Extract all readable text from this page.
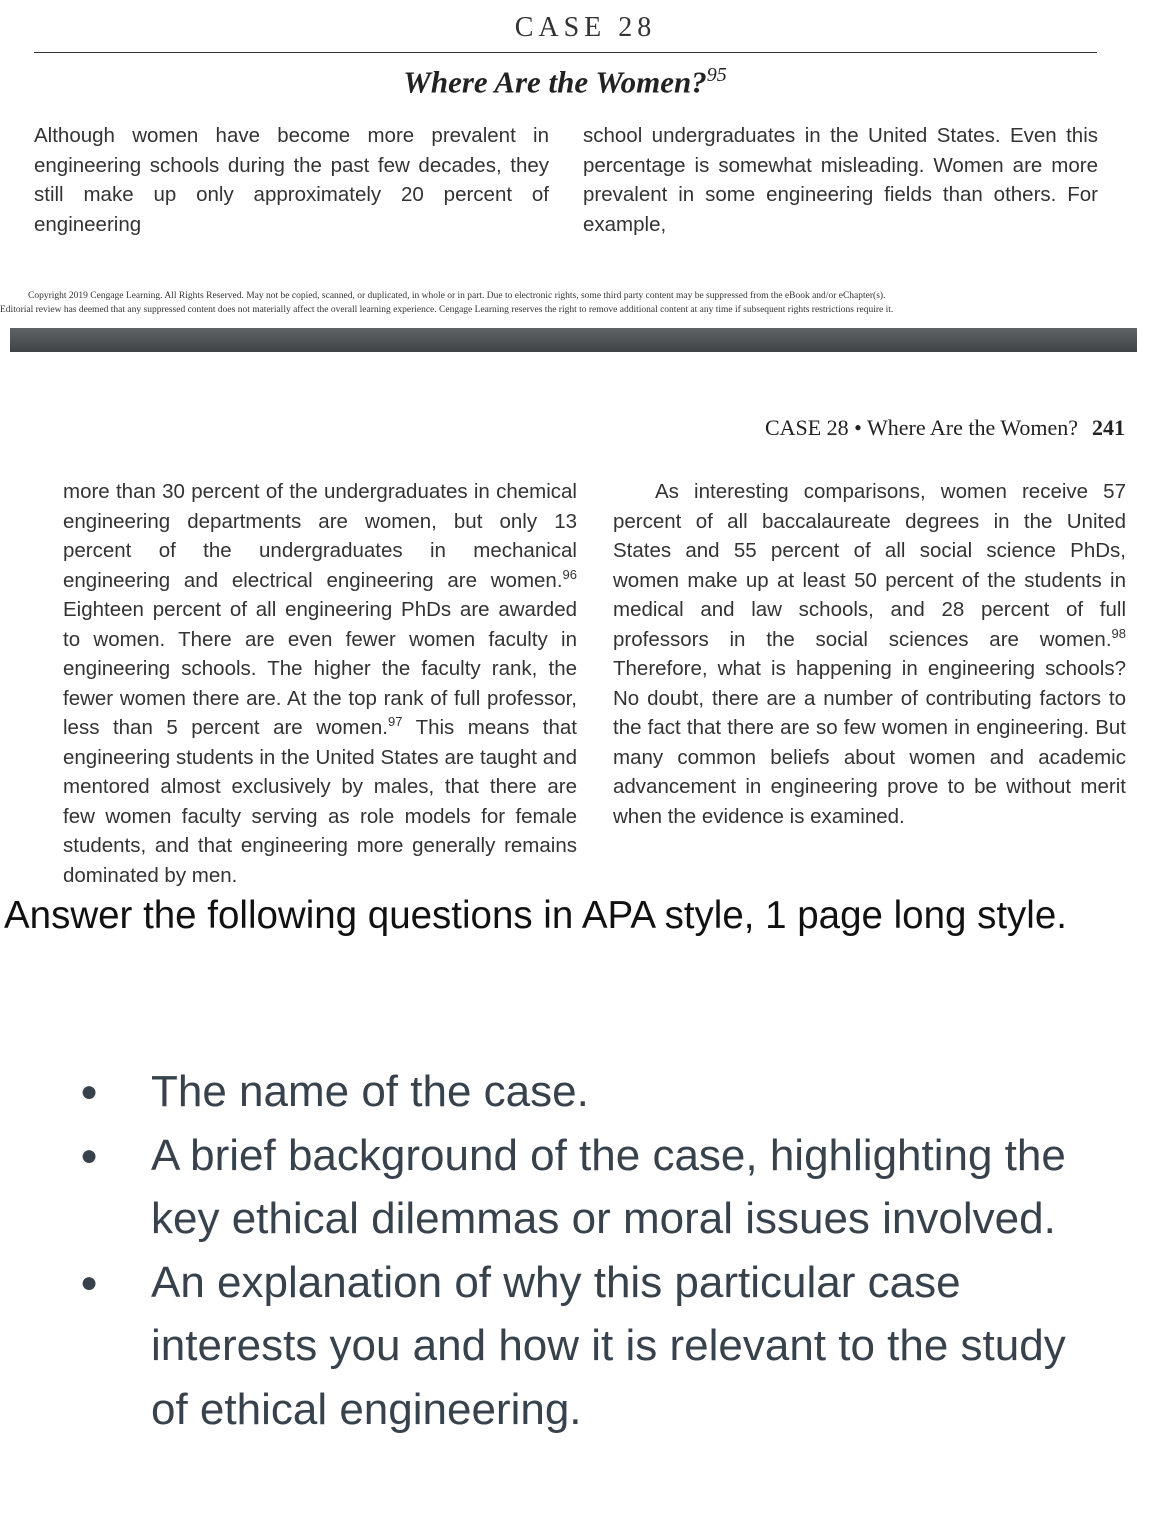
CASE 28
Where Are the Women?$^{95}$
Although women have become more prevalent in engineering schools during the past few decades, they still make up only approximately 20 percent of engineering
school undergraduates in the United States. Even this percentage is somewhat misleading. Women are more prevalent in some engineering fields than others. For example,
Copyright 2019 Cengage Learning. All Rights Reserved. May not be copied, scanned, or duplicated, in whole or in part. Due to electronic rights, some third party content may be suppressed from the eBook and/or eChapter(s).
Editorial review has deemed that any suppressed content does not materially affect the overall learning experience. Cengage Learning reserves the right to remove additional content at any time if subsequent rights restrictions require it.
CASE 28 • Where Are the Women? 241
more than 30 percent of the undergraduates in chemical engineering departments are women, but only 13 percent of the undergraduates in mechanical engineering and electrical engineering are women.$^{96}$ Eighteen percent of all engineering PhDs are awarded to women. There are even fewer women faculty in engineering schools. The higher the faculty rank, the fewer women there are. At the top rank of full professor, less than 5 percent are women.$^{97}$ This means that engineering students in the United States are taught and mentored almost exclusively by males, that there are few women faculty serving as role models for female students, and that engineering more generally remains dominated by men.
As interesting comparisons, women receive 57 percent of all baccalaureate degrees in the United States and 55 percent of all social science PhDs, women make up at least 50 percent of the students in medical and law schools, and 28 percent of full professors in the social sciences are women.$^{98}$ Therefore, what is happening in engineering schools? No doubt, there are a number of contributing factors to the fact that there are so few women in engineering. But many common beliefs about women and academic advancement in engineering prove to be without merit when the evidence is examined.
Answer the following questions in APA style, 1 page long style.
● The name of the case.
● A brief background of the case, highlighting the key ethical dilemmas or moral issues involved.
● An explanation of why this particular case interests you and how it is relevant to the study of ethical engineering.
